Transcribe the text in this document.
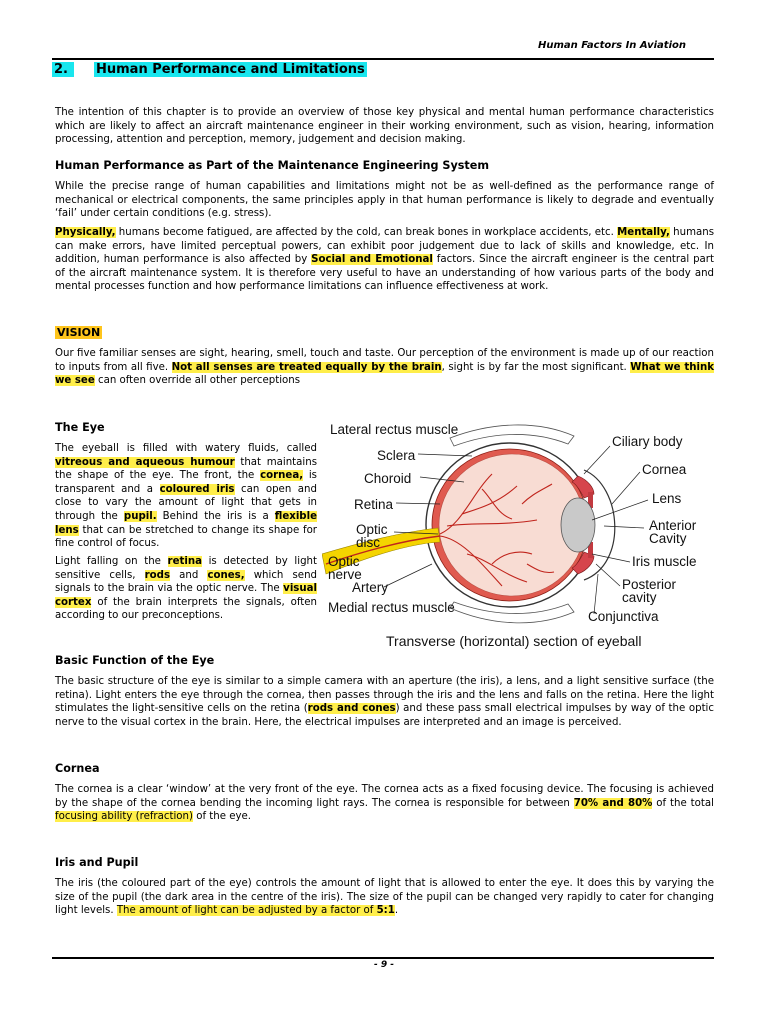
Human Factors In Aviation
2. Human Performance and Limitations

The intention of this chapter is to provide an overview of those key physical and mental human performance characteristics which are likely to affect an aircraft maintenance engineer in their working environment, such as vision, hearing, information processing, attention and perception, memory, judgement and decision making.

Human Performance as Part of the Maintenance Engineering System

While the precise range of human capabilities and limitations might not be as well-defined as the performance range of mechanical or electrical components, the same principles apply in that human performance is likely to degrade and eventually ‘fail’ under certain conditions (e.g. stress).

Physically, humans become fatigued, are affected by the cold, can break bones in workplace accidents, etc. Mentally, humans can make errors, have limited perceptual powers, can exhibit poor judgement due to lack of skills and knowledge, etc. In addition, human performance is also affected by Social and Emotional factors. Since the aircraft engineer is the central part of the aircraft maintenance system. It is therefore very useful to have an understanding of how various parts of the body and mental processes function and how performance limitations can influence effectiveness at work.

VISION

Our five familiar senses are sight, hearing, smell, touch and taste. Our perception of the environment is made up of our reaction to inputs from all five. Not all senses are treated equally by the brain, sight is by far the most significant. What we think we see can often override all other perceptions

The Eye

The eyeball is filled with watery fluids, called vitreous and aqueous humour that maintains the shape of the eye. The front, the cornea, is transparent and a coloured iris can open and close to vary the amount of light that gets in through the pupil. Behind the iris is a flexible lens that can be stretched to change its shape for fine control of focus.

Light falling on the retina is detected by light sensitive cells, rods and cones, which send signals to the brain via the optic nerve. The visual cortex of the brain interprets the signals, often according to our preconceptions.

Lateral rectus muscle
Sclera
Choroid
Retina
Optic
disc
Optic
nerve
Artery
Medial rectus muscle
Ciliary body
Cornea
Lens
Anterior
Cavity
Iris muscle
Posterior
cavity
Conjunctiva
Transverse (horizontal) section of eyeball

Basic Function of the Eye

The basic structure of the eye is similar to a simple camera with an aperture (the iris), a lens, and a light sensitive surface (the retina). Light enters the eye through the cornea, then passes through the iris and the lens and falls on the retina. Here the light stimulates the light-sensitive cells on the retina (rods and cones) and these pass small electrical impulses by way of the optic nerve to the visual cortex in the brain. Here, the electrical impulses are interpreted and an image is perceived.

Cornea

The cornea is a clear ‘window’ at the very front of the eye. The cornea acts as a fixed focusing device. The focusing is achieved by the shape of the cornea bending the incoming light rays. The cornea is responsible for between 70% and 80% of the total focusing ability (refraction) of the eye.

Iris and Pupil

The iris (the coloured part of the eye) controls the amount of light that is allowed to enter the eye. It does this by varying the size of the pupil (the dark area in the centre of the iris). The size of the pupil can be changed very rapidly to cater for changing light levels. The amount of light can be adjusted by a factor of 5:1.

- 9 -
